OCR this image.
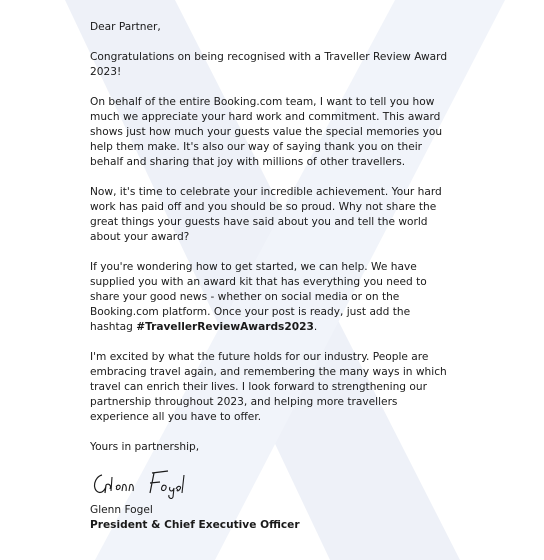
Dear Partner,

Congratulations on being recognised with a Traveller Review Award 2023!

On behalf of the entire Booking.com team, I want to tell you how much we appreciate your hard work and commitment. This award shows just how much your guests value the special memories you help them make. It's also our way of saying thank you on their behalf and sharing that joy with millions of other travellers.

Now, it's time to celebrate your incredible achievement. Your hard work has paid off and you should be so proud. Why not share the great things your guests have said about you and tell the world about your award?

If you're wondering how to get started, we can help. We have supplied you with an award kit that has everything you need to share your good news - whether on social media or on the Booking.com platform. Once your post is ready, just add the hashtag #TravellerReviewAwards2023.

I'm excited by what the future holds for our industry. People are embracing travel again, and remembering the many ways in which travel can enrich their lives. I look forward to strengthening our partnership throughout 2023, and helping more travellers experience all you have to offer.

Yours in partnership,

Glenn Fogel

President & Chief Executive Officer
